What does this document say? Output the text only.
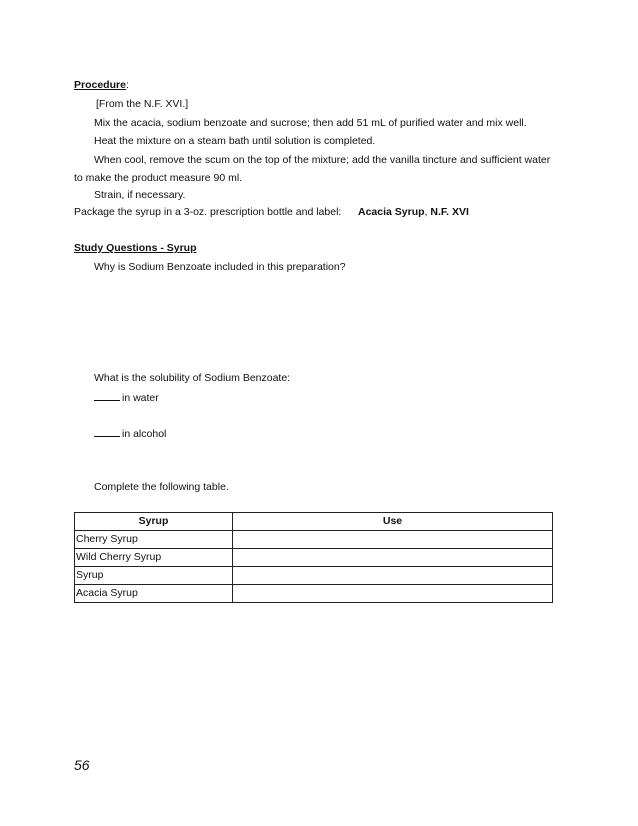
Procedure:
[From the N.F. XVI.]
Mix the acacia, sodium benzoate and sucrose; then add 51 mL of purified water and mix well.
Heat the mixture on a steam bath until solution is completed.
When cool, remove the scum on the top of the mixture; add the vanilla tincture and sufficient water
to make the product measure 90 ml.
Strain, if necessary.
Package the syrup in a 3-oz. prescription bottle and label: Acacia Syrup, N.F. XVI
Study Questions - Syrup
Why is Sodium Benzoate included in this preparation?
What is the solubility of Sodium Benzoate:
in water
in alcohol
Complete the following table.
Syrup	Use
Cherry Syrup	
Wild Cherry Syrup	
Syrup	
Acacia Syrup	
56
